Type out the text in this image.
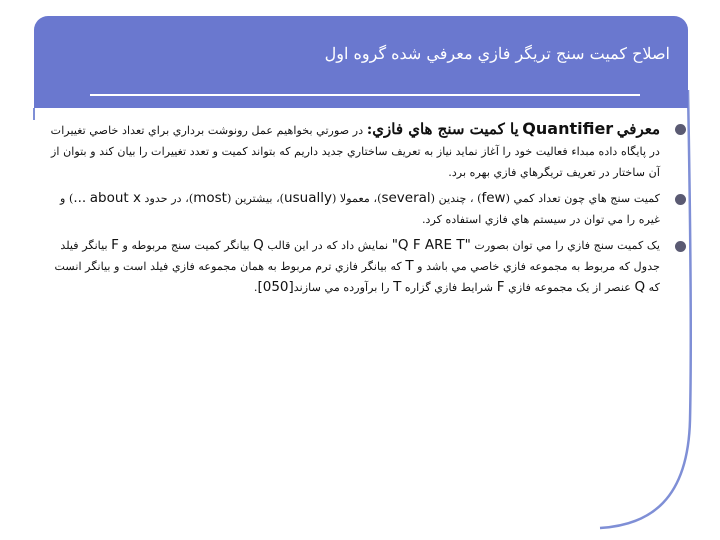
اصلاح کميت سنج تريگر فازي معرفي شده گروه اول
معرفي Quantifier يا کميت سنج هاي فازي: در صورتي بخواهيم عمل رونوشت برداري براي تعداد خاصي تغييرات در پايگاه داده مبداء فعاليت خود را آغاز نمايد نياز به تعريف ساختاري جديد داريم که بتواند کميت و تعدد تغييرات را بيان کند و بتوان از آن ساختار در تعريف تريگرهاي فازي بهره برد.
کميت سنج هاي چون تعداد کمي (few) ، چندين (several)، معمولا (usually)، بيشترين (most)، در حدود ... about x) و غيره را مي توان در سيستم هاي فازي استفاده کرد.
يک کميت سنج فازي را مي توان بصورت "Q F ARE T" نمايش داد که در اين قالب Q بيانگر کميت سنج مربوطه و F بيانگر فيلد جدول که مربوط به مجموعه فازي خاصي مي باشد و T که بيانگر فازي ترم مربوط به همان مجموعه فازي فيلد است و بيانگر انست که Q عنصر از يک مجموعه فازي F شرايط فازي گزاره T را برآورده مي سازند[050].
